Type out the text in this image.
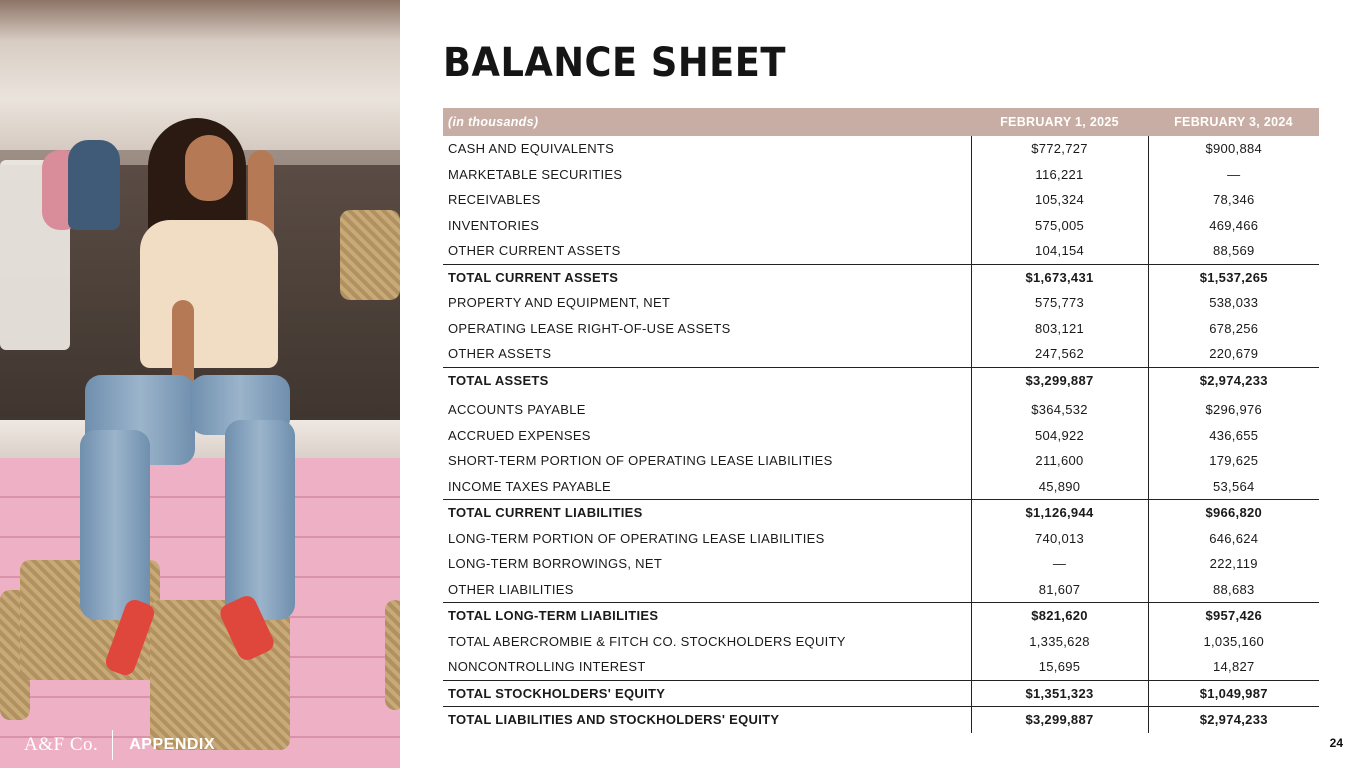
A&F Co. APPENDIX
BALANCE SHEET
(in thousands)	FEBRUARY 1, 2025	FEBRUARY 3, 2024
CASH AND EQUIVALENTS	$772,727	$900,884
MARKETABLE SECURITIES	116,221	—
RECEIVABLES	105,324	78,346
INVENTORIES	575,005	469,466
OTHER CURRENT ASSETS	104,154	88,569
TOTAL CURRENT ASSETS	$1,673,431	$1,537,265
PROPERTY AND EQUIPMENT, NET	575,773	538,033
OPERATING LEASE RIGHT-OF-USE ASSETS	803,121	678,256
OTHER ASSETS	247,562	220,679
TOTAL ASSETS	$3,299,887	$2,974,233
ACCOUNTS PAYABLE	$364,532	$296,976
ACCRUED EXPENSES	504,922	436,655
SHORT-TERM PORTION OF OPERATING LEASE LIABILITIES	211,600	179,625
INCOME TAXES PAYABLE	45,890	53,564
TOTAL CURRENT LIABILITIES	$1,126,944	$966,820
LONG-TERM PORTION OF OPERATING LEASE LIABILITIES	740,013	646,624
LONG-TERM BORROWINGS, NET	—	222,119
OTHER LIABILITIES	81,607	88,683
TOTAL LONG-TERM LIABILITIES	$821,620	$957,426
TOTAL ABERCROMBIE & FITCH CO. STOCKHOLDERS EQUITY	1,335,628	1,035,160
NONCONTROLLING INTEREST	15,695	14,827
TOTAL STOCKHOLDERS' EQUITY	$1,351,323	$1,049,987
TOTAL LIABILITIES AND STOCKHOLDERS' EQUITY	$3,299,887	$2,974,233
24
